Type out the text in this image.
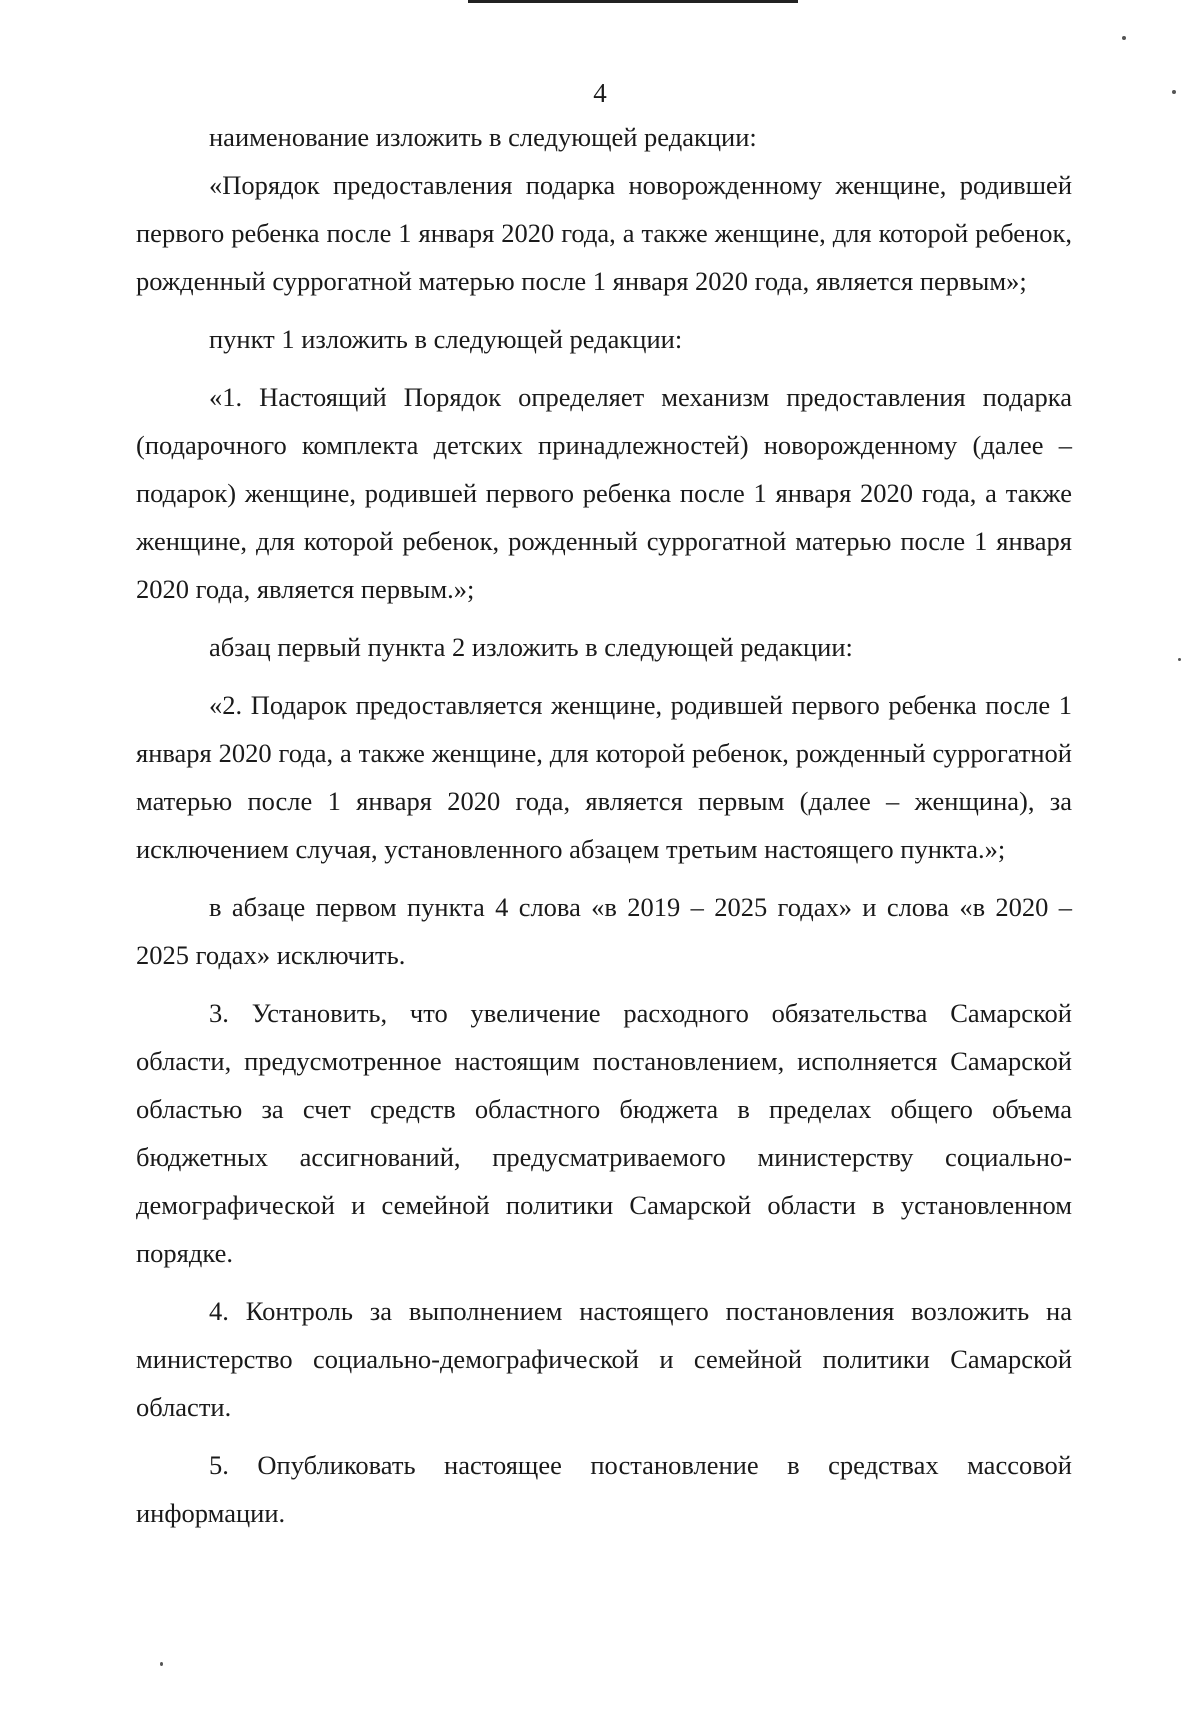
4

наименование изложить в следующей редакции:

«Порядок предоставления подарка новорожденному женщине, родившей первого ребенка после 1 января 2020 года, а также женщине, для которой ребенок, рожденный суррогатной матерью после 1 января 2020 года, является первым»;

пункт 1 изложить в следующей редакции:

«1. Настоящий Порядок определяет механизм предоставления подарка (подарочного комплекта детских принадлежностей) новорожденному (далее – подарок) женщине, родившей первого ребенка после 1 января 2020 года, а также женщине, для которой ребенок, рожденный суррогатной матерью после 1 января 2020 года, является первым.»;

абзац первый пункта 2 изложить в следующей редакции:

«2. Подарок предоставляется женщине, родившей первого ребенка после 1 января 2020 года, а также женщине, для которой ребенок, рожденный суррогатной матерью после 1 января 2020 года, является первым (далее – женщина), за исключением случая, установленного абзацем третьим настоящего пункта.»;

в абзаце первом пункта 4 слова «в 2019 – 2025 годах» и слова «в 2020 – 2025 годах» исключить.

3. Установить, что увеличение расходного обязательства Самарской области, предусмотренное настоящим постановлением, исполняется Самарской областью за счет средств областного бюджета в пределах общего объема бюджетных ассигнований, предусматриваемого министерству социально-демографической и семейной политики Самарской области в установленном порядке.

4. Контроль за выполнением настоящего постановления возложить на министерство социально-демографической и семейной политики Самарской области.

5. Опубликовать настоящее постановление в средствах массовой информации.
